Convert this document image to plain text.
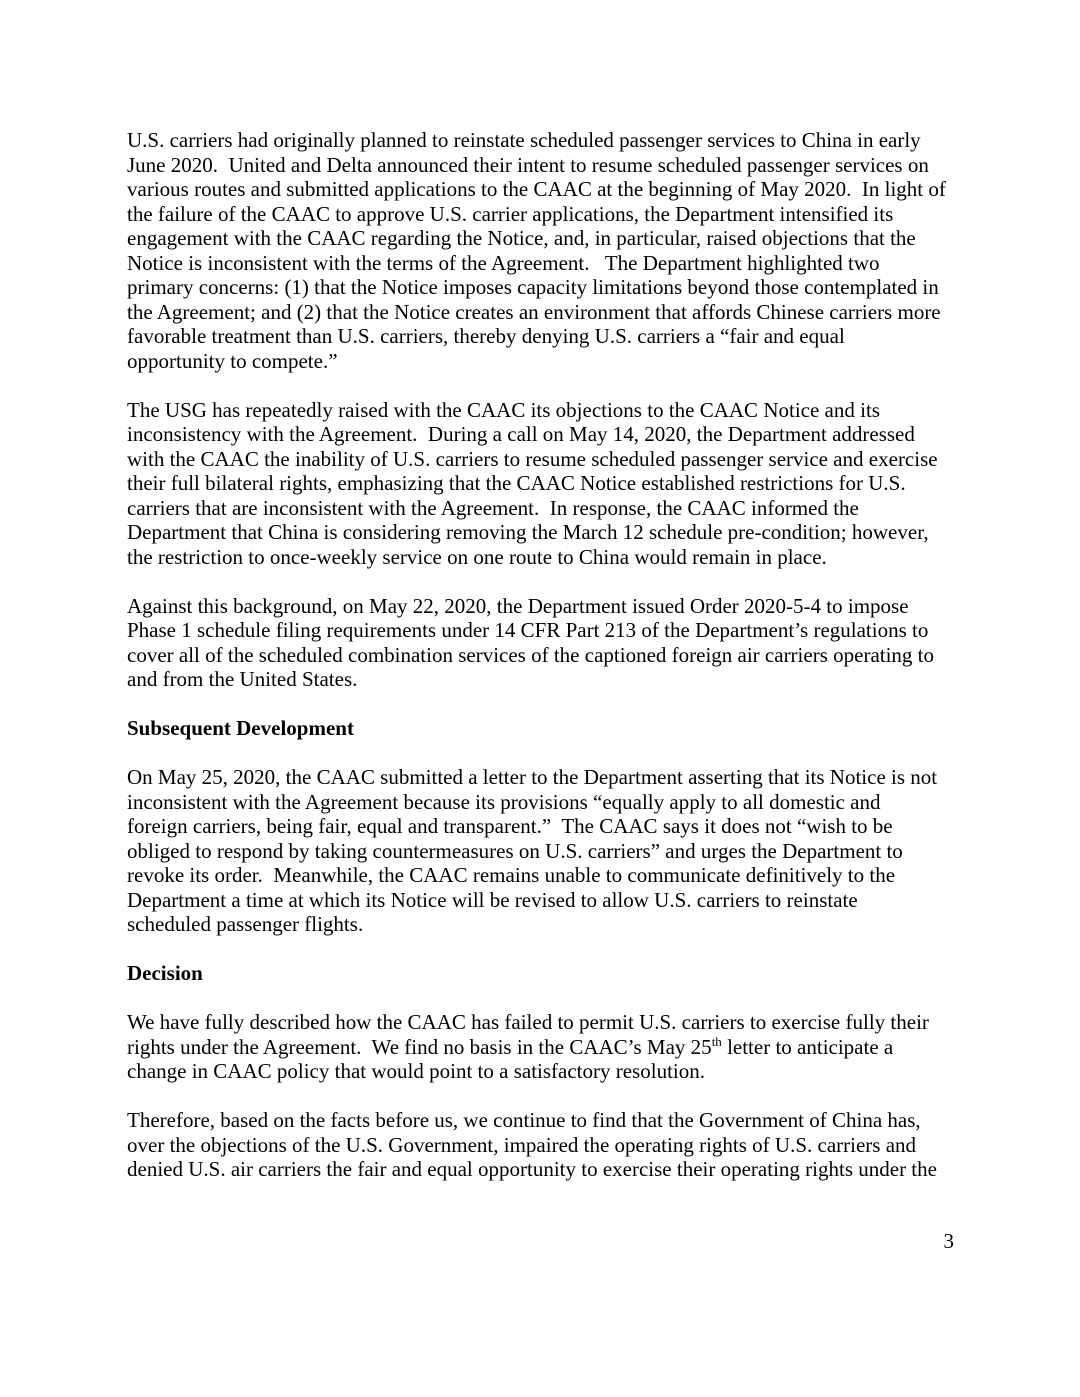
U.S. carriers had originally planned to reinstate scheduled passenger services to China in early
June 2020.  United and Delta announced their intent to resume scheduled passenger services on
various routes and submitted applications to the CAAC at the beginning of May 2020.  In light of
the failure of the CAAC to approve U.S. carrier applications, the Department intensified its
engagement with the CAAC regarding the Notice, and, in particular, raised objections that the
Notice is inconsistent with the terms of the Agreement.   The Department highlighted two
primary concerns: (1) that the Notice imposes capacity limitations beyond those contemplated in
the Agreement; and (2) that the Notice creates an environment that affords Chinese carriers more
favorable treatment than U.S. carriers, thereby denying U.S. carriers a “fair and equal
opportunity to compete.”
The USG has repeatedly raised with the CAAC its objections to the CAAC Notice and its
inconsistency with the Agreement.  During a call on May 14, 2020, the Department addressed
with the CAAC the inability of U.S. carriers to resume scheduled passenger service and exercise
their full bilateral rights, emphasizing that the CAAC Notice established restrictions for U.S.
carriers that are inconsistent with the Agreement.  In response, the CAAC informed the
Department that China is considering removing the March 12 schedule pre-condition; however,
the restriction to once-weekly service on one route to China would remain in place.
Against this background, on May 22, 2020, the Department issued Order 2020-5-4 to impose
Phase 1 schedule filing requirements under 14 CFR Part 213 of the Department’s regulations to
cover all of the scheduled combination services of the captioned foreign air carriers operating to
and from the United States.
Subsequent Development
On May 25, 2020, the CAAC submitted a letter to the Department asserting that its Notice is not
inconsistent with the Agreement because its provisions “equally apply to all domestic and
foreign carriers, being fair, equal and transparent.”  The CAAC says it does not “wish to be
obliged to respond by taking countermeasures on U.S. carriers” and urges the Department to
revoke its order.  Meanwhile, the CAAC remains unable to communicate definitively to the
Department a time at which its Notice will be revised to allow U.S. carriers to reinstate
scheduled passenger flights.
Decision
We have fully described how the CAAC has failed to permit U.S. carriers to exercise fully their
rights under the Agreement.  We find no basis in the CAAC’s May 25th letter to anticipate a
change in CAAC policy that would point to a satisfactory resolution.
Therefore, based on the facts before us, we continue to find that the Government of China has,
over the objections of the U.S. Government, impaired the operating rights of U.S. carriers and
denied U.S. air carriers the fair and equal opportunity to exercise their operating rights under the
3
